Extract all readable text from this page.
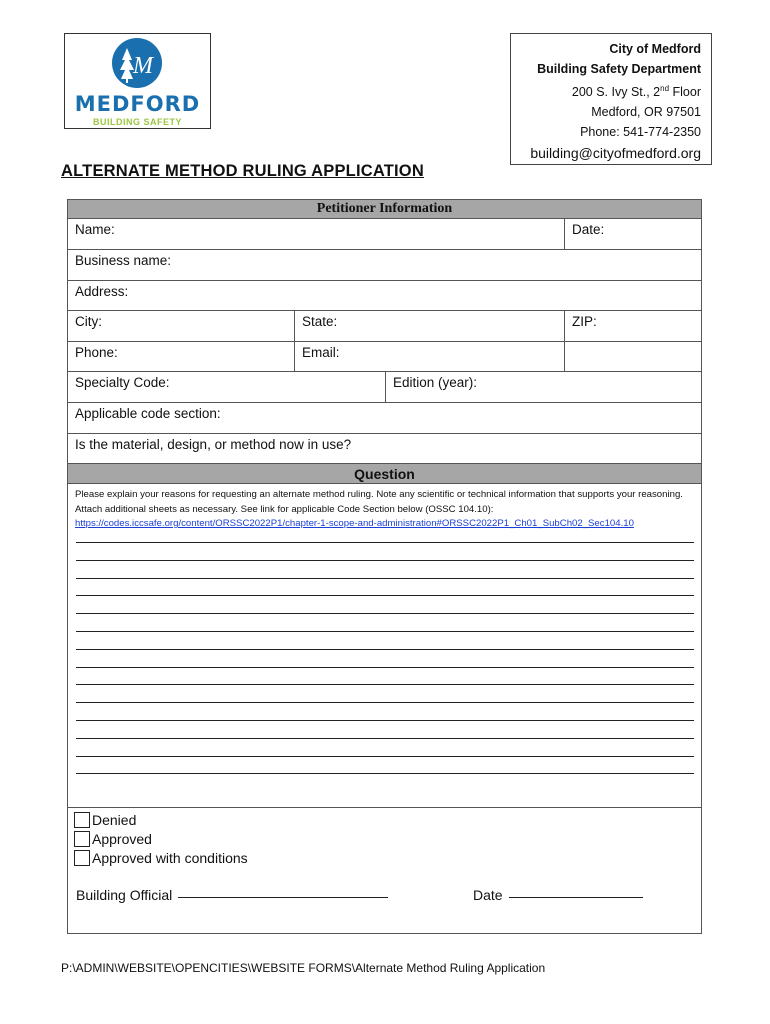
M
MEDFORD
BUILDING SAFETY
City of Medford
Building Safety Department
200 S. Ivy St., 2nd Floor
Medford, OR 97501
Phone: 541-774-2350
building@cityofmedford.org
ALTERNATE METHOD RULING APPLICATION
Petitioner Information
Name:	Date:
Business name:
Address:
City:	State:	ZIP:
Phone:	Email:
Specialty Code:	Edition (year):
Applicable code section:
Is the material, design, or method now in use?
Question
Please explain your reasons for requesting an alternate method ruling. Note any scientific or technical information that supports your reasoning. Attach additional sheets as necessary. See link for applicable Code Section below (OSSC 104.10):
https://codes.iccsafe.org/content/ORSSC2022P1/chapter-1-scope-and-administration#ORSSC2022P1_Ch01_SubCh02_Sec104.10
Denied
Approved
Approved with conditions
Building Official	Date
P:\ADMIN\WEBSITE\OPENCITIES\WEBSITE FORMS\Alternate Method Ruling Application
